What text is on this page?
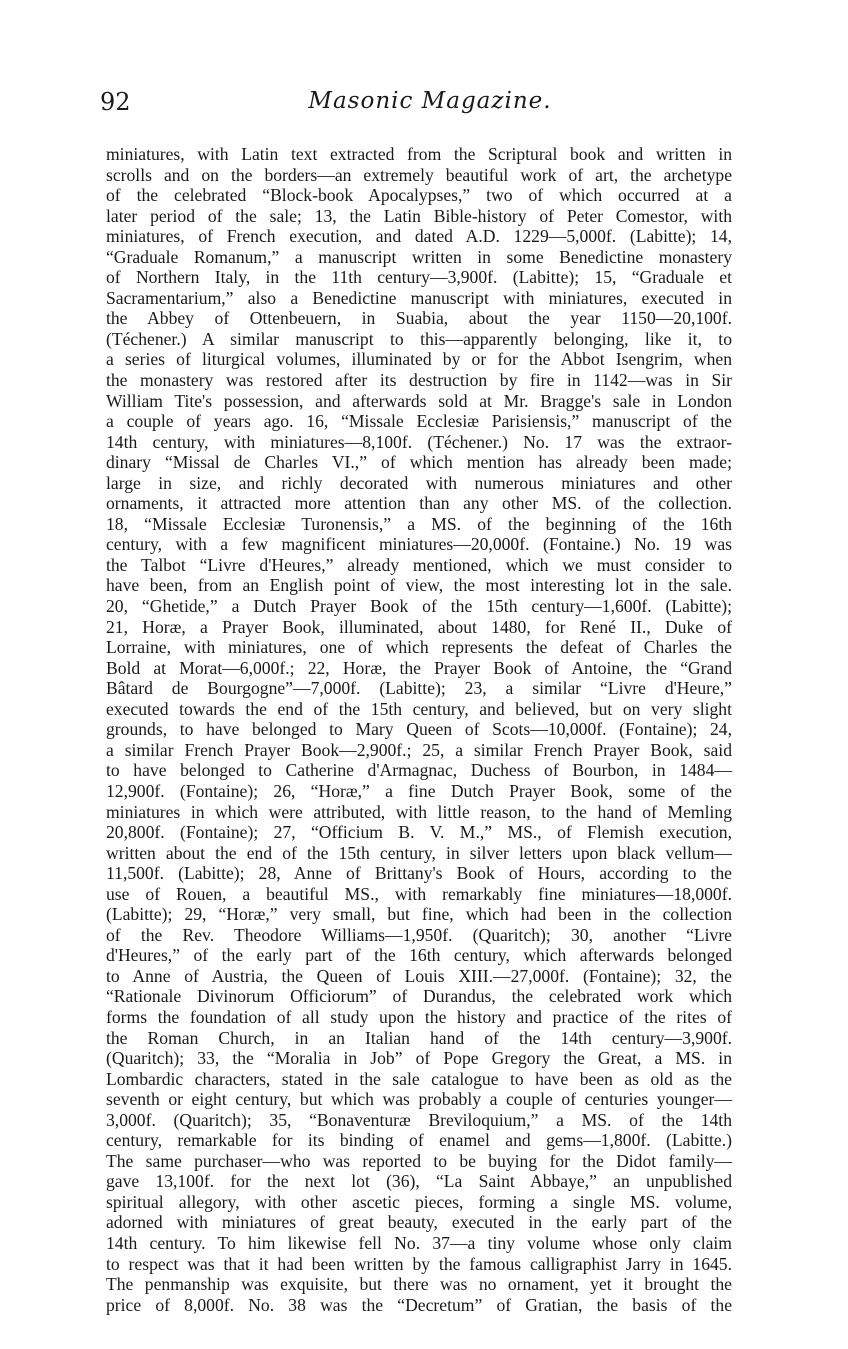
92	Masonic Magazine.
miniatures, with Latin text extracted from the Scriptural book and written in
scrolls and on the borders—an extremely beautiful work of art, the archetype
of the celebrated “Block-book Apocalypses,” two of which occurred at a
later period of the sale; 13, the Latin Bible-history of Peter Comestor, with
miniatures, of French execution, and dated A.D. 1229—5,000f. (Labitte); 14,
“Graduale Romanum,” a manuscript written in some Benedictine monastery
of Northern Italy, in the 11th century—3,900f. (Labitte); 15, “Graduale et
Sacramentarium,” also a Benedictine manuscript with miniatures, executed in
the Abbey of Ottenbeuern, in Suabia, about the year 1150—20,100f.
(Téchener.) A similar manuscript to this—apparently belonging, like it, to
a series of liturgical volumes, illuminated by or for the Abbot Isengrim, when
the monastery was restored after its destruction by fire in 1142—was in Sir
William Tite's possession, and afterwards sold at Mr. Bragge's sale in London
a couple of years ago. 16, “Missale Ecclesiæ Parisiensis,” manuscript of the
14th century, with miniatures—8,100f. (Téchener.) No. 17 was the extraor-
dinary “Missal de Charles VI.,” of which mention has already been made;
large in size, and richly decorated with numerous miniatures and other
ornaments, it attracted more attention than any other MS. of the collection.
18, “Missale Ecclesiæ Turonensis,” a MS. of the beginning of the 16th
century, with a few magnificent miniatures—20,000f. (Fontaine.) No. 19 was
the Talbot “Livre d'Heures,” already mentioned, which we must consider to
have been, from an English point of view, the most interesting lot in the sale.
20, “Ghetide,” a Dutch Prayer Book of the 15th century—1,600f. (Labitte);
21, Horæ, a Prayer Book, illuminated, about 1480, for René II., Duke of
Lorraine, with miniatures, one of which represents the defeat of Charles the
Bold at Morat—6,000f.; 22, Horæ, the Prayer Book of Antoine, the “Grand
Bâtard de Bourgogne”—7,000f. (Labitte); 23, a similar “Livre d'Heure,”
executed towards the end of the 15th century, and believed, but on very slight
grounds, to have belonged to Mary Queen of Scots—10,000f. (Fontaine); 24,
a similar French Prayer Book—2,900f.; 25, a similar French Prayer Book, said
to have belonged to Catherine d'Armagnac, Duchess of Bourbon, in 1484—
12,900f. (Fontaine); 26, “Horæ,” a fine Dutch Prayer Book, some of the
miniatures in which were attributed, with little reason, to the hand of Memling
20,800f. (Fontaine); 27, “Officium B. V. M.,” MS., of Flemish execution,
written about the end of the 15th century, in silver letters upon black vellum—
11,500f. (Labitte); 28, Anne of Brittany's Book of Hours, according to the
use of Rouen, a beautiful MS., with remarkably fine miniatures—18,000f.
(Labitte); 29, “Horæ,” very small, but fine, which had been in the collection
of the Rev. Theodore Williams—1,950f. (Quaritch); 30, another “Livre
d'Heures,” of the early part of the 16th century, which afterwards belonged
to Anne of Austria, the Queen of Louis XIII.—27,000f. (Fontaine); 32, the
“Rationale Divinorum Officiorum” of Durandus, the celebrated work which
forms the foundation of all study upon the history and practice of the rites of
the Roman Church, in an Italian hand of the 14th century—3,900f.
(Quaritch); 33, the “Moralia in Job” of Pope Gregory the Great, a MS. in
Lombardic characters, stated in the sale catalogue to have been as old as the
seventh or eight century, but which was probably a couple of centuries younger—
3,000f. (Quaritch); 35, “Bonaventuræ Breviloquium,” a MS. of the 14th
century, remarkable for its binding of enamel and gems—1,800f. (Labitte.)
The same purchaser—who was reported to be buying for the Didot family—
gave 13,100f. for the next lot (36), “La Saint Abbaye,” an unpublished
spiritual allegory, with other ascetic pieces, forming a single MS. volume,
adorned with miniatures of great beauty, executed in the early part of the
14th century. To him likewise fell No. 37—a tiny volume whose only claim
to respect was that it had been written by the famous calligraphist Jarry in 1645.
The penmanship was exquisite, but there was no ornament, yet it brought the
price of 8,000f. No. 38 was the “Decretum” of Gratian, the basis of the
